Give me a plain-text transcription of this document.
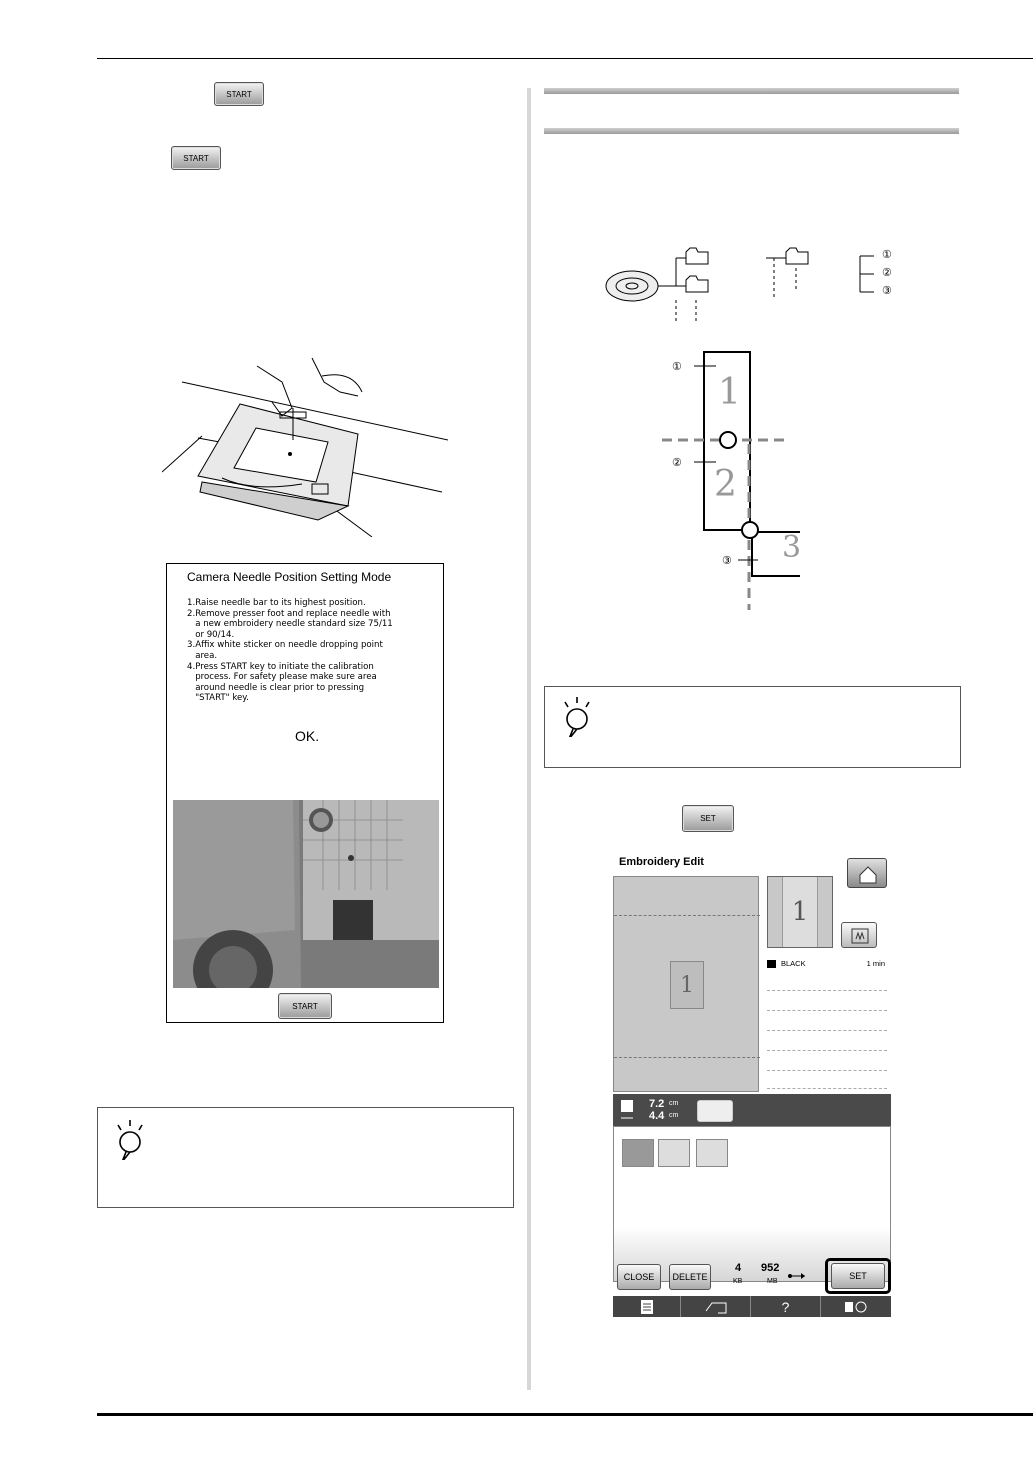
START
START
Camera Needle Position Setting Mode
1.Raise needle bar to its highest position.
2.Remove presser foot and replace needle with
a new embroidery needle standard size 75/11
or 90/14.
3.Affix white sticker on needle dropping point
area.
4.Press START key to initiate the calibration
process. For safety please make sure area
around needle is clear prior to pressing
"START" key.
OK.
START
①
②
③
①
②
③
1
2
3
SET
Embroidery Edit
1
1
BLACK	1 min
7.2 cm
4.4 cm
CLOSE	DELETE
4
KB
952
MB
SET
?
